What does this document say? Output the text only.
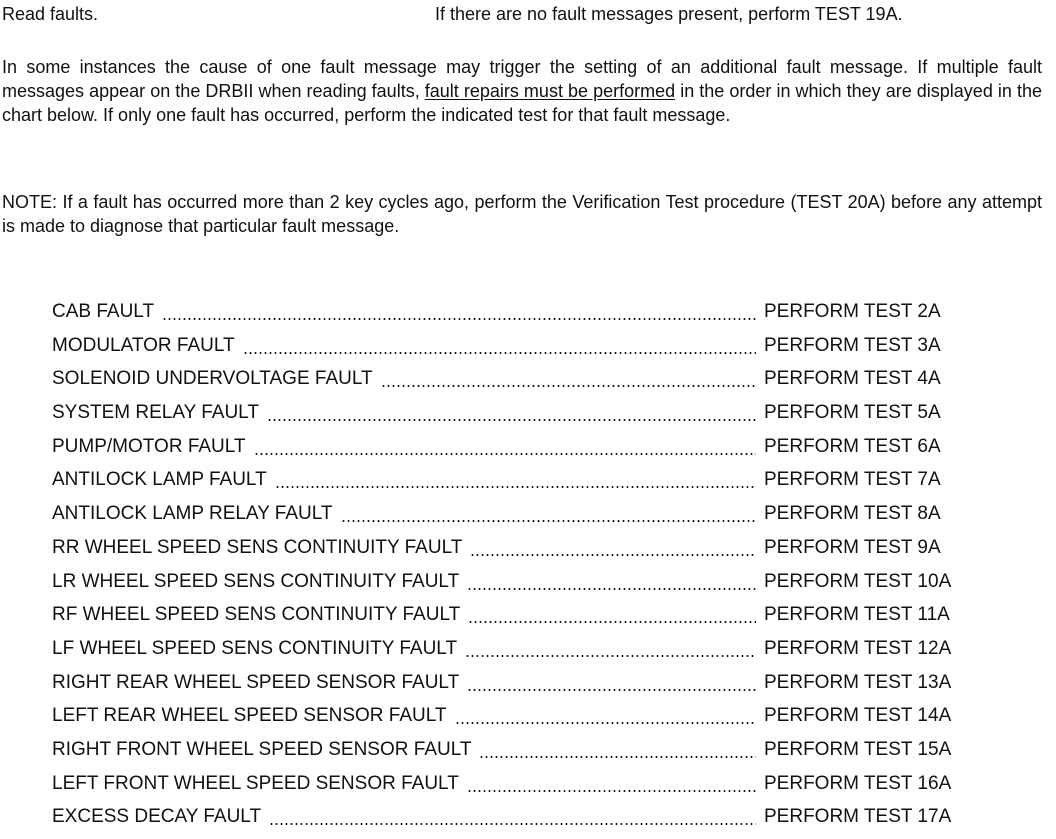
Read faults.	If there are no fault messages present, perform TEST 19A.
In some instances the cause of one fault message may trigger the setting of an additional fault message. If multiple fault messages appear on the DRBII when reading faults, fault repairs must be performed in the order in which they are displayed in the chart below. If only one fault has occurred, perform the indicated test for that fault message.
NOTE: If a fault has occurred more than 2 key cycles ago, perform the Verification Test procedure (TEST 20A) before any attempt is made to diagnose that particular fault message.
CAB FAULT	PERFORM TEST 2A
MODULATOR FAULT	PERFORM TEST 3A
SOLENOID UNDERVOLTAGE FAULT	PERFORM TEST 4A
SYSTEM RELAY FAULT	PERFORM TEST 5A
PUMP/MOTOR FAULT	PERFORM TEST 6A
ANTILOCK LAMP FAULT	PERFORM TEST 7A
ANTILOCK LAMP RELAY FAULT	PERFORM TEST 8A
RR WHEEL SPEED SENS CONTINUITY FAULT	PERFORM TEST 9A
LR WHEEL SPEED SENS CONTINUITY FAULT	PERFORM TEST 10A
RF WHEEL SPEED SENS CONTINUITY FAULT	PERFORM TEST 11A
LF WHEEL SPEED SENS CONTINUITY FAULT	PERFORM TEST 12A
RIGHT REAR WHEEL SPEED SENSOR FAULT	PERFORM TEST 13A
LEFT REAR WHEEL SPEED SENSOR FAULT	PERFORM TEST 14A
RIGHT FRONT WHEEL SPEED SENSOR FAULT	PERFORM TEST 15A
LEFT FRONT WHEEL SPEED SENSOR FAULT	PERFORM TEST 16A
EXCESS DECAY FAULT	PERFORM TEST 17A
